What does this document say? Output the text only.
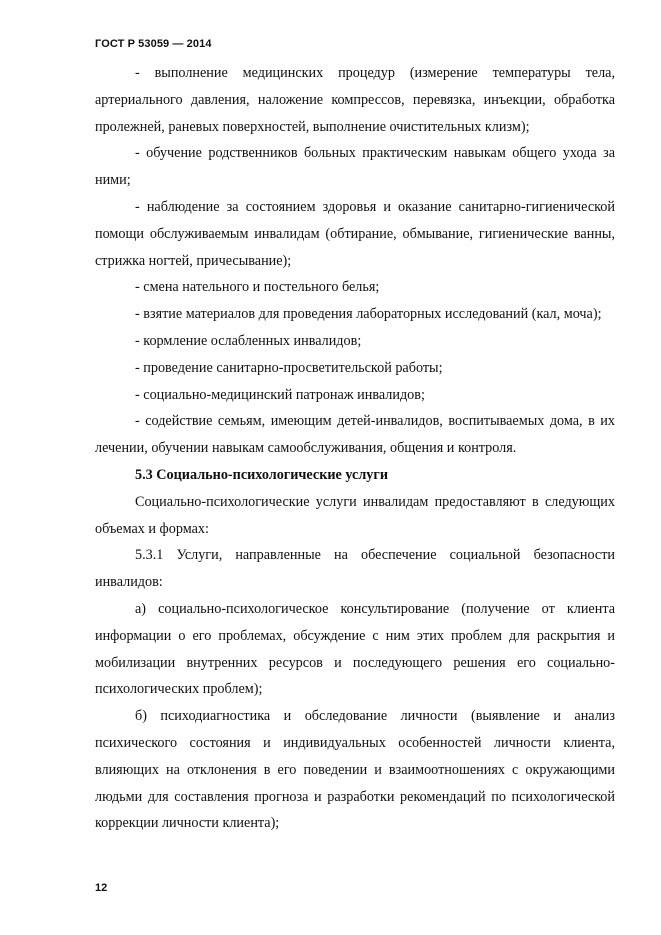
ГОСТ Р 53059 — 2014

- выполнение медицинских процедур (измерение температуры тела, артериального давления, наложение компрессов, перевязка, инъекции, обработка пролежней, раневых поверхностей, выполнение очистительных клизм);

- обучение родственников больных практическим навыкам общего ухода за ними;

- наблюдение за состоянием здоровья и оказание санитарно-гигиенической помощи обслуживаемым инвалидам (обтирание, обмывание, гигиенические ванны, стрижка ногтей, причесывание);

- смена нательного и постельного белья;

- взятие материалов для проведения лабораторных исследований (кал, моча);

- кормление ослабленных инвалидов;

- проведение санитарно-просветительской работы;

- социально-медицинский патронаж инвалидов;

- содействие семьям, имеющим детей-инвалидов, воспитываемых дома, в их лечении, обучении навыкам самообслуживания, общения и контроля.

5.3 Социально-психологические услуги

Социально-психологические услуги инвалидам предоставляют в следующих объемах и формах:

5.3.1 Услуги, направленные на обеспечение социальной безопасности инвалидов:

а) социально-психологическое консультирование (получение от клиента информации о его проблемах, обсуждение с ним этих проблем для раскрытия и мобилизации внутренних ресурсов и последующего решения его социально-психологических проблем);

б) психодиагностика и обследование личности (выявление и анализ психического состояния и индивидуальных особенностей личности клиента, влияющих на отклонения в его поведении и взаимоотношениях с окружающими людьми для составления прогноза и разработки рекомендаций по психологической коррекции личности клиента);

12
